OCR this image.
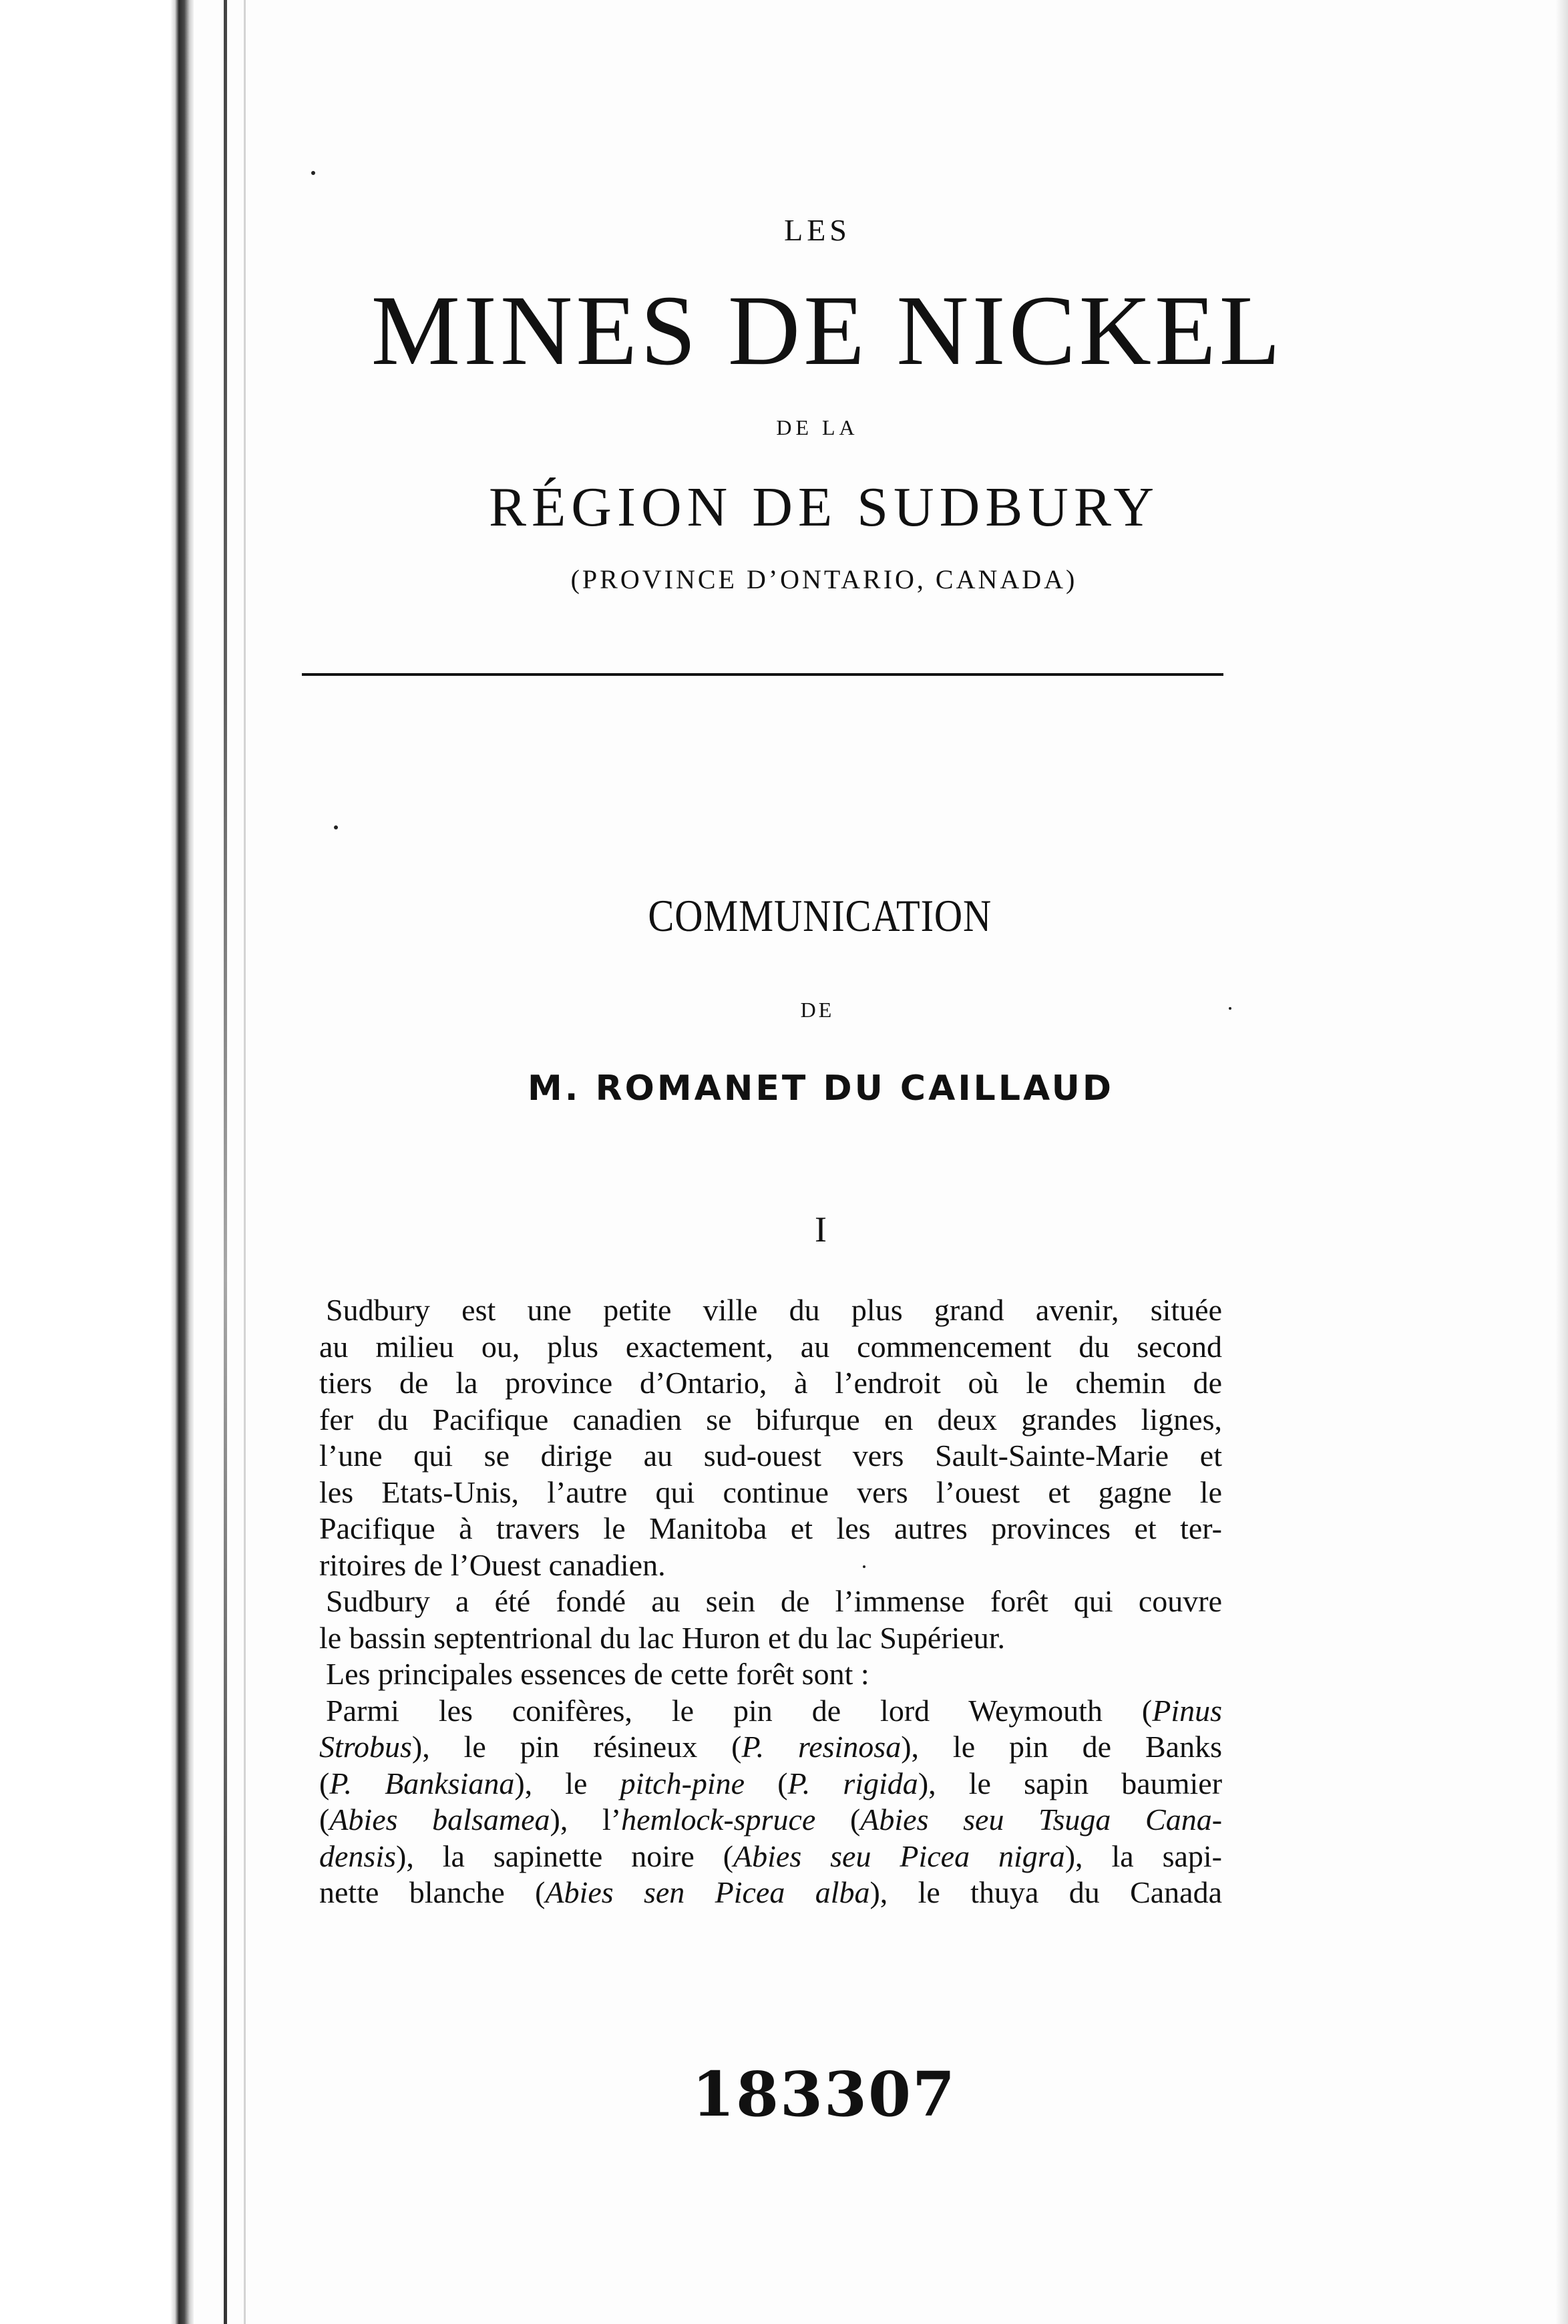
LES
MINES DE NICKEL
DE LA
RÉGION DE SUDBURY
(PROVINCE D’ONTARIO, CANADA)
COMMUNICATION
DE
M. ROMANET DU CAILLAUD
I
Sudbury est une petite ville du plus grand avenir, située
au milieu ou, plus exactement, au commencement du second
tiers de la province d’Ontario, à l’endroit où le chemin de
fer du Pacifique canadien se bifurque en deux grandes lignes,
l’une qui se dirige au sud-ouest vers Sault-Sainte-Marie et
les Etats-Unis, l’autre qui continue vers l’ouest et gagne le
Pacifique à travers le Manitoba et les autres provinces et ter-
ritoires de l’Ouest canadien.
Sudbury a été fondé au sein de l’immense forêt qui couvre
le bassin septentrional du lac Huron et du lac Supérieur.
Les principales essences de cette forêt sont :
Parmi les conifères, le pin de lord Weymouth (Pinus
Strobus), le pin résineux (P. resinosa), le pin de Banks
(P. Banksiana), le pitch-pine (P. rigida), le sapin baumier
(Abies balsamea), l’hemlock-spruce (Abies seu Tsuga Cana-
densis), la sapinette noire (Abies seu Picea nigra), la sapi-
nette blanche (Abies sen Picea alba), le thuya du Canada
183307
